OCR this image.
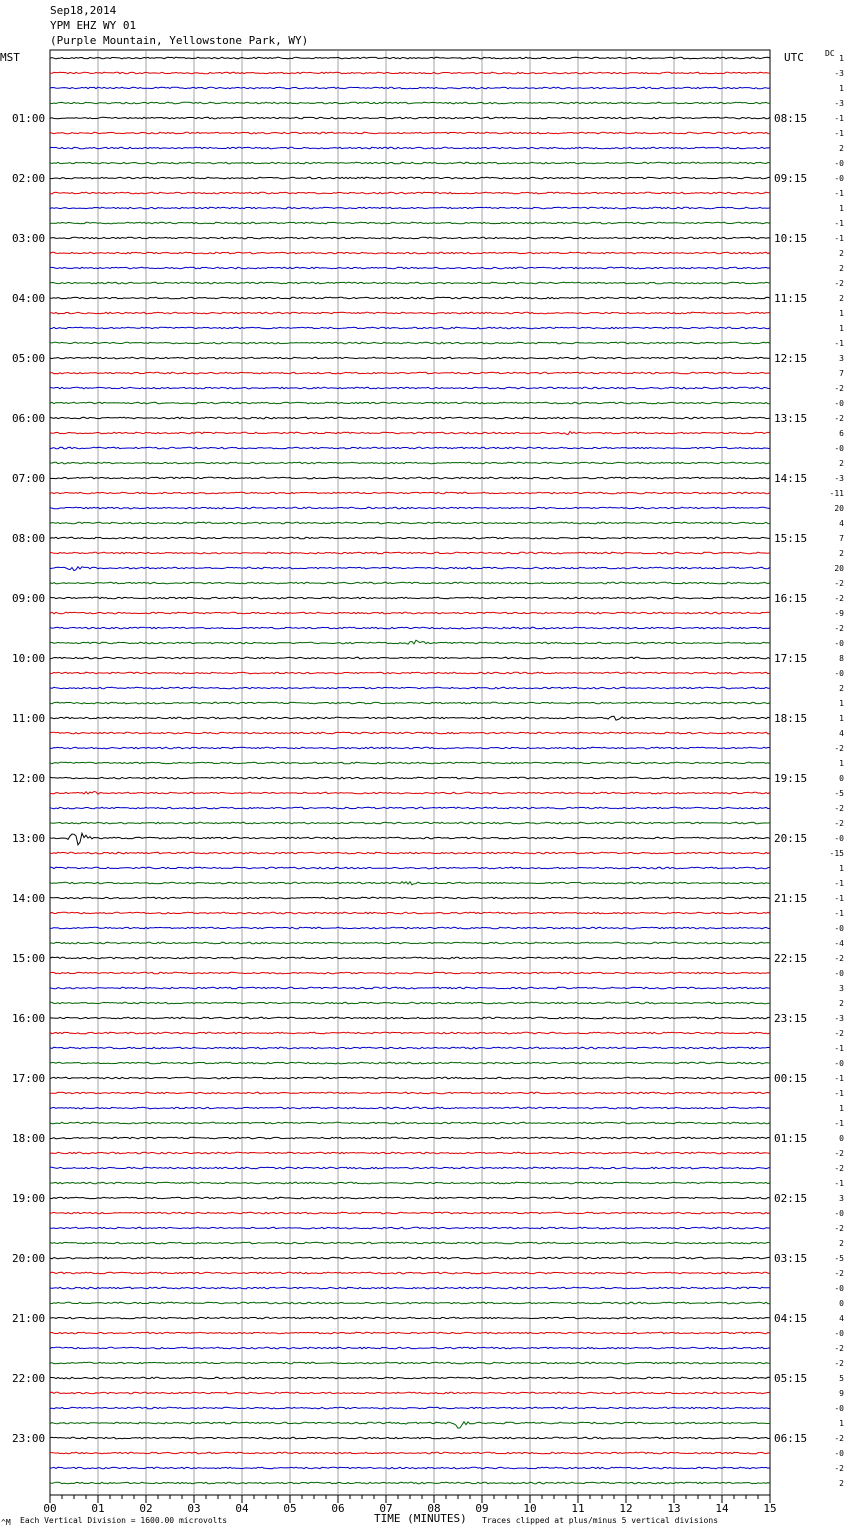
Sep18,2014
YPM EHZ WY 01
(Purple Mountain, Yellowstone Park, WY)
MST	UTC	DC
01:00
02:00
03:00
04:00
05:00
06:00
07:00
08:00
09:00
10:00
11:00
12:00
13:00
14:00
15:00
16:00
17:00
18:00
19:00
20:00
21:00
22:00
23:00
08:15
09:15
10:15
11:15
12:15
13:15
14:15
15:15
16:15
17:15
18:15
19:15
20:15
21:15
22:15
23:15
00:15
01:15
02:15
03:15
04:15
05:15
06:15
1
-3
1
-3
-1
-1
2
-0
-0
-1
1
-1
-1
2
2
-2
2
1
1
-1
3
7
-2
-0
-2
6
-0
2
-3
-11
20
4
7
2
20
-2
-2
-9
-2
-0
8
-0
2
1
1
4
-2
1
0
-5
-2
-2
-0
-15
1
-1
-1
-1
-0
-4
-2
-0
3
2
-3
-2
-1
-0
-1
-1
1
-1
0
-2
-2
-1
3
-0
-2
2
-5
-2
-0
0
4
-0
-2
-2
5
9
-0
1
-2
-0
-2
2
00	01	02	03	04	05	06	07	08	09	10	11	12	13	14	15
TIME (MINUTES)
^M Each Vertical Division = 1600.00 microvolts	Traces clipped at plus/minus 5 vertical divisions
